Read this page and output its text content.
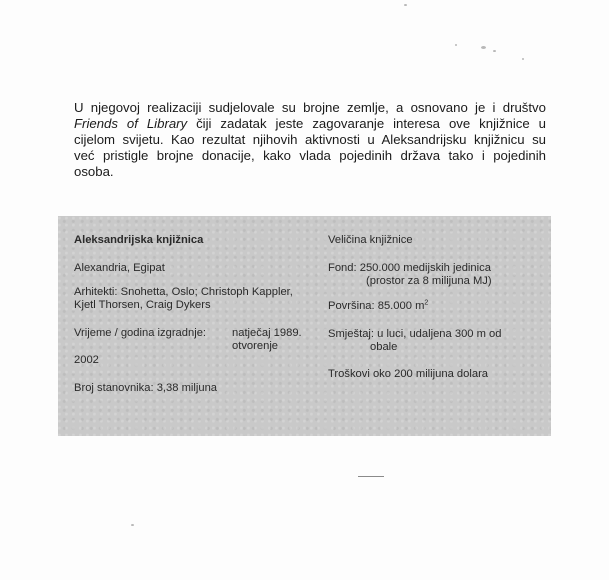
U njegovoj realizaciji sudjelovale su brojne zemlje, a osnovano je i društvo
Friends of Library čiji zadatak jeste zagovaranje interesa ove knjižnice u
cijelom svijetu. Kao rezultat njihovih aktivnosti u Aleksandrijsku knjižnicu su
već pristigle brojne donacije, kako vlada pojedinih država tako i pojedinih
osoba.
Aleksandrijska knjižnica
Alexandria, Egipat
Arhitekti: Snohetta, Oslo; Christoph Kappler,
Kjetl Thorsen, Craig Dykers
Vrijeme / godina izgradnje: natječaj 1989.
otvorenje
2002
Broj stanovnika: 3,38 miljuna
Veličina knjižnice
Fond: 250.000 medijskih jedinica
(prostor za 8 milijuna MJ)
Površina: 85.000 $m^2$
Smještaj: u luci, udaljena 300 m od
obale
Troškovi oko 200 milijuna dolara
